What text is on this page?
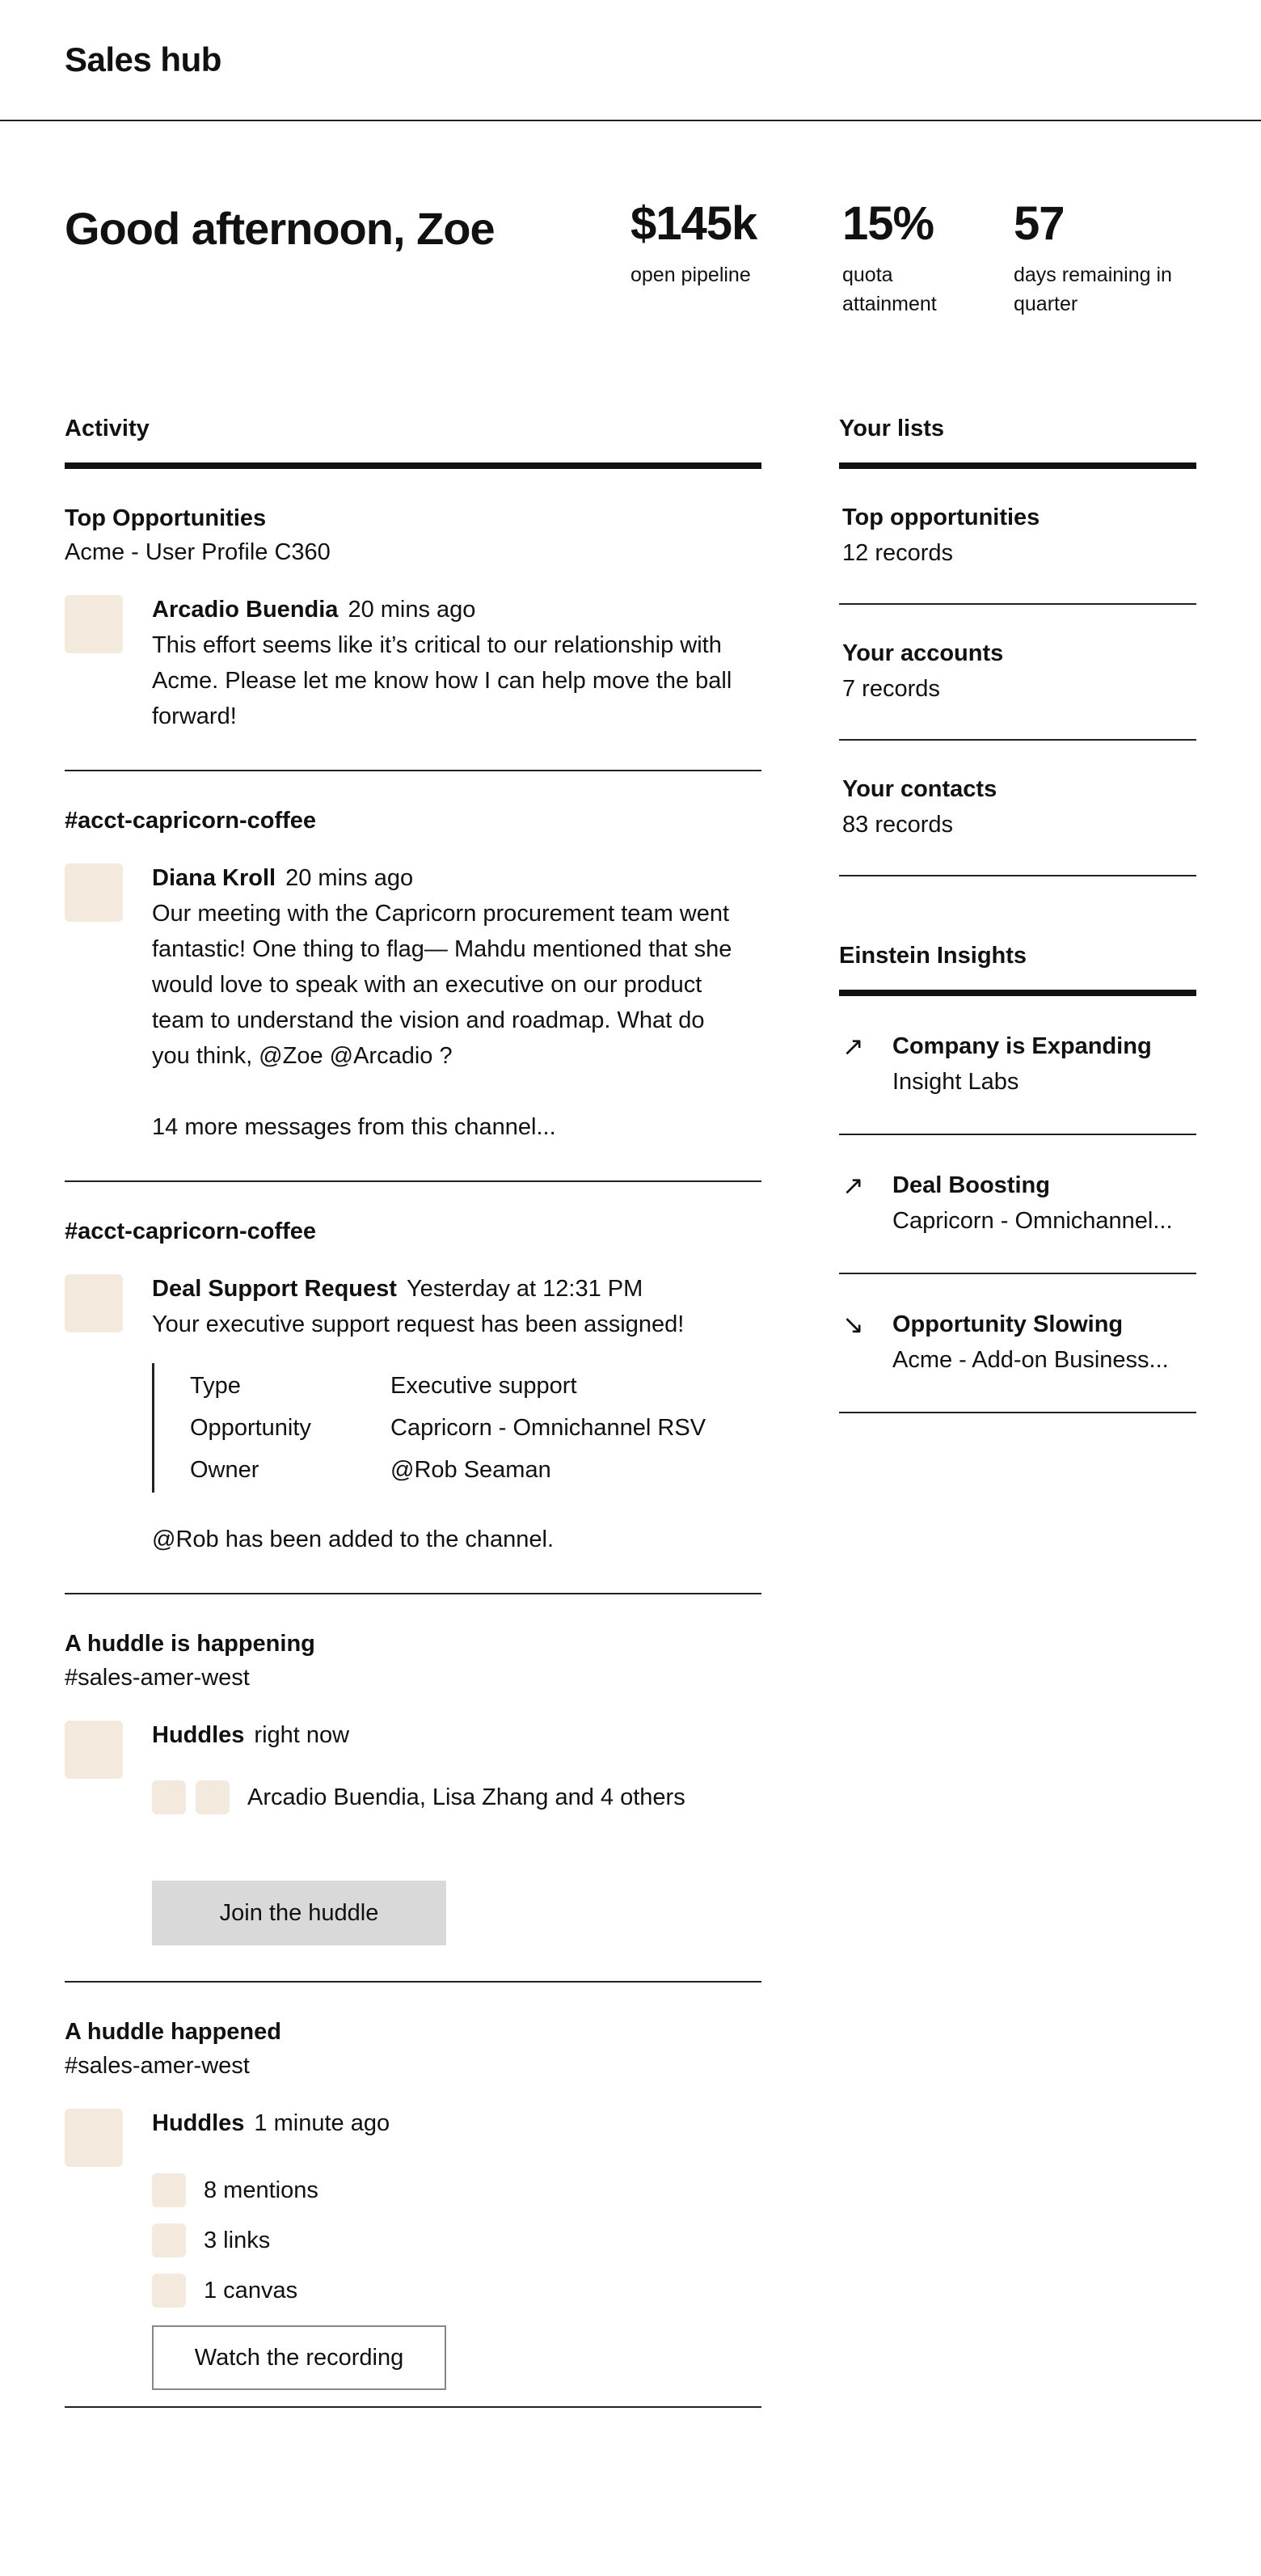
Sales hub
Good afternoon, Zoe	$145k
open pipeline
15%
quota attainment
57
days remaining in quarter
Activity
Top Opportunities
Acme - User Profile C360
Arcadio Buendia 20 mins ago
This effort seems like it’s critical to our relationship with Acme. Please let me know how I can help move the ball forward!
#acct-capricorn-coffee
Diana Kroll 20 mins ago
Our meeting with the Capricorn procurement team went fantastic! One thing to flag— Mahdu mentioned that she would love to speak with an executive on our product team to understand the vision and roadmap. What do you think, @Zoe @Arcadio ?
14 more messages from this channel...
#acct-capricorn-coffee
Deal Support Request Yesterday at 12:31 PM
Your executive support request has been assigned!
Type	Executive support
Opportunity	Capricorn - Omnichannel RSV
Owner	@Rob Seaman
@Rob has been added to the channel.
A huddle is happening
#sales-amer-west
Huddles right now
Arcadio Buendia, Lisa Zhang and 4 others
Join the huddle
A huddle happened
#sales-amer-west
Huddles 1 minute ago
8 mentions
3 links
1 canvas
Watch the recording
Your lists
Top opportunities
12 records
Your accounts
7 records
Your contacts
83 records
Einstein Insights
↗	Company is Expanding
Insight Labs
↗	Deal Boosting
Capricorn - Omnichannel...
↘	Opportunity Slowing
Acme - Add-on Business...
